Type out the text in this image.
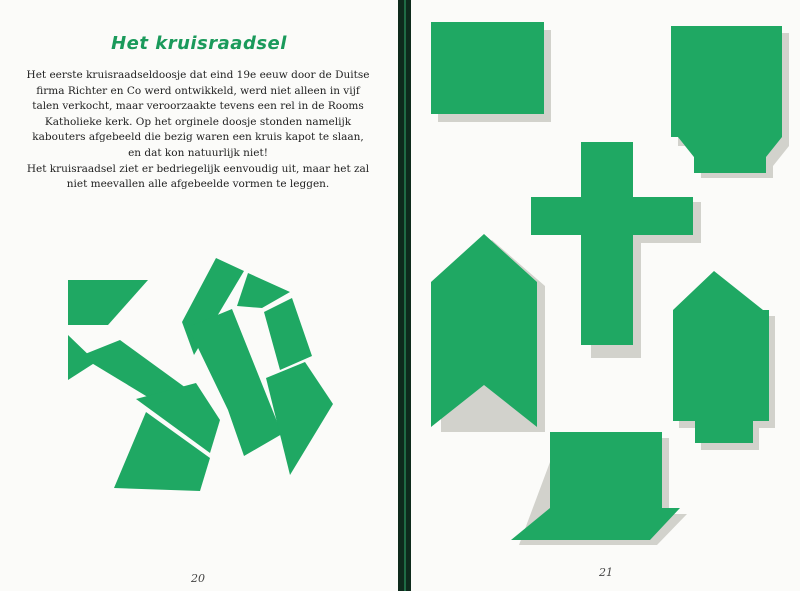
Het kruisraadsel

Het eerste kruisraadseldoosje dat eind 19e eeuw door de Duitse

firma Richter en Co werd ontwikkeld, werd niet alleen in vijf

talen verkocht, maar veroorzaakte tevens een rel in de Rooms

Katholieke kerk. Op het orginele doosje stonden namelijk

kabouters afgebeeld die bezig waren een kruis kapot te slaan,

en dat kon natuurlijk niet!

Het kruisraadsel ziet er bedriegelijk eenvoudig uit, maar het zal

niet meevallen alle afgebeelde vormen te leggen.

20	21
